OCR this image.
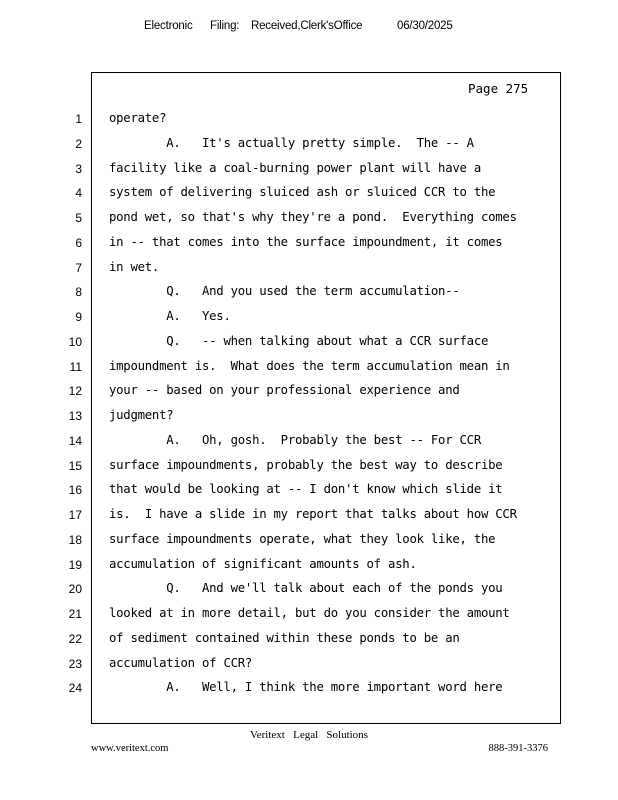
Electronic Filing: Received,Clerk'sOffice	06/30/2025
Page 275
1 operate?
2 A.   It's actually pretty simple.  The -- A
3 facility like a coal-burning power plant will have a
4 system of delivering sluiced ash or sluiced CCR to the
5 pond wet, so that's why they're a pond.  Everything comes
6 in -- that comes into the surface impoundment, it comes
7 in wet.
8 Q.   And you used the term accumulation--
9 A.   Yes.
10 Q.   -- when talking about what a CCR surface
11 impoundment is.  What does the term accumulation mean in
12 your -- based on your professional experience and
13 judgment?
14 A.   Oh, gosh.  Probably the best -- For CCR
15 surface impoundments, probably the best way to describe
16 that would be looking at -- I don't know which slide it
17 is.  I have a slide in my report that talks about how CCR
18 surface impoundments operate, what they look like, the
19 accumulation of significant amounts of ash.
20 Q.   And we'll talk about each of the ponds you
21 looked at in more detail, but do you consider the amount
22 of sediment contained within these ponds to be an
23 accumulation of CCR?
24 A.   Well, I think the more important word here
Veritext   Legal   Solutions
www.veritext.com	888-391-3376
